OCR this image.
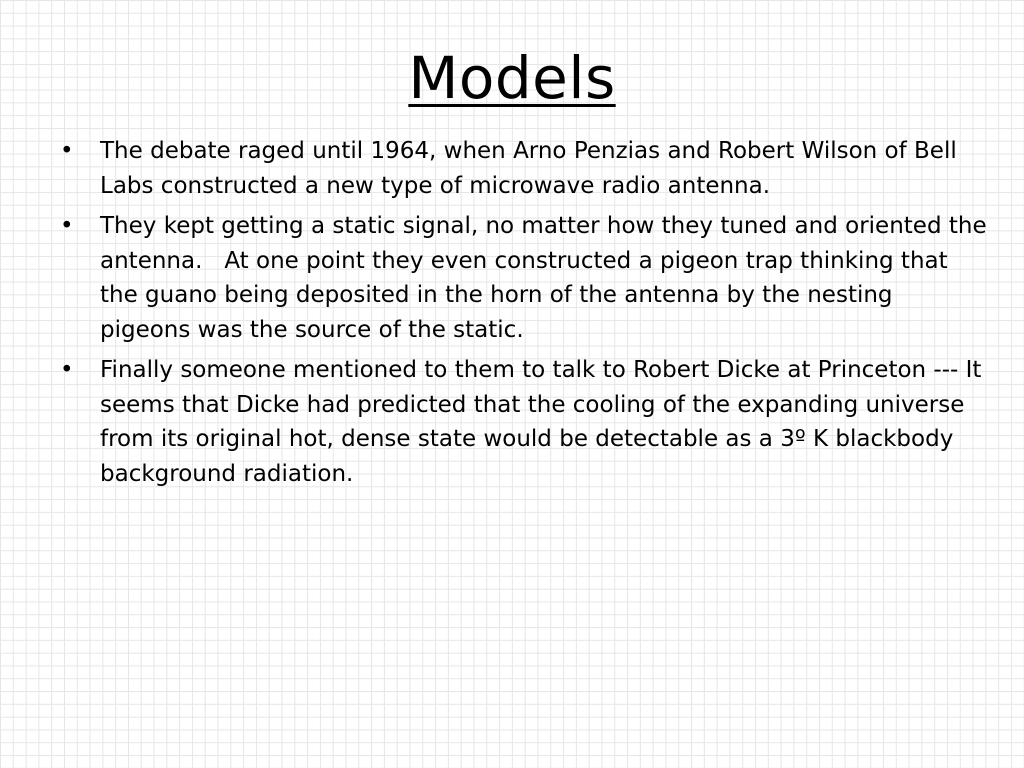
Models
• The debate raged until 1964, when Arno Penzias and Robert Wilson of Bell Labs constructed a new type of microwave radio antenna.
• They kept getting a static signal, no matter how they tuned and oriented the antenna.   At one point they even constructed a pigeon trap thinking that the guano being deposited in the horn of the antenna by the nesting pigeons was the source of the static.
• Finally someone mentioned to them to talk to Robert Dicke at Princeton --- It seems that Dicke had predicted that the cooling of the expanding universe from its original hot, dense state would be detectable as a 3º K blackbody background radiation.
